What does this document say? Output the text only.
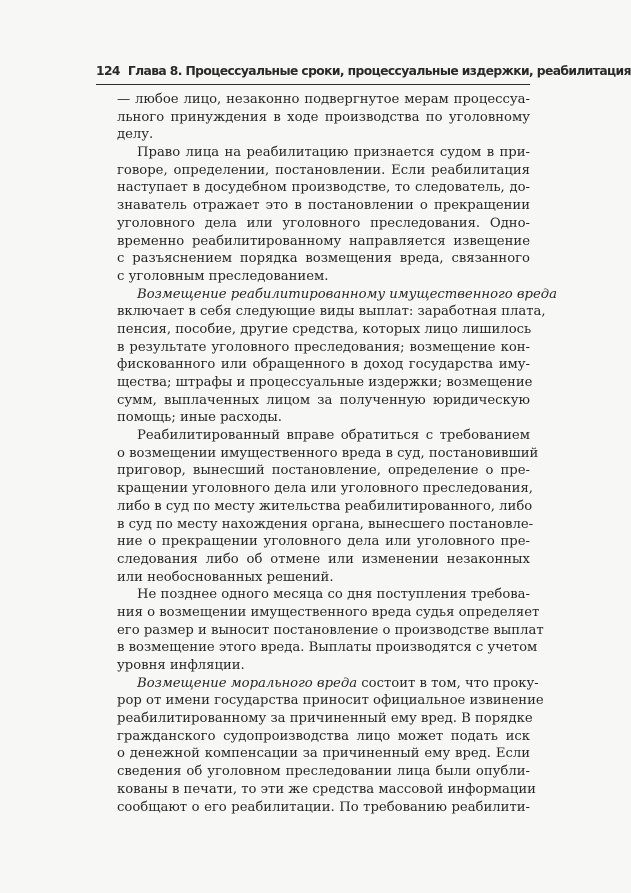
124 Глава 8. Процессуальные сроки, процессуальные издержки, реабилитация
— любое лицо, незаконно подвергнутое мерам процессуа-
льного принуждения в ходе производства по уголовному
делу.
Право лица на реабилитацию признается судом в при-
говоре, определении, постановлении. Если реабилитация
наступает в досудебном производстве, то следователь, до-
знаватель отражает это в постановлении о прекращении
уголовного дела или уголовного преследования. Одно-
временно реабилитированному направляется извещение
с разъяснением порядка возмещения вреда, связанного
с уголовным преследованием.
Возмещение реабилитированному имущественного вреда
включает в себя следующие виды выплат: заработная плата,
пенсия, пособие, другие средства, которых лицо лишилось
в результате уголовного преследования; возмещение кон-
фискованного или обращенного в доход государства иму-
щества; штрафы и процессуальные издержки; возмещение
сумм, выплаченных лицом за полученную юридическую
помощь; иные расходы.
Реабилитированный вправе обратиться с требованием
о возмещении имущественного вреда в суд, постановивший
приговор, вынесший постановление, определение о пре-
кращении уголовного дела или уголовного преследования,
либо в суд по месту жительства реабилитированного, либо
в суд по месту нахождения органа, вынесшего постановле-
ние о прекращении уголовного дела или уголовного пре-
следования либо об отмене или изменении незаконных
или необоснованных решений.
Не позднее одного месяца со дня поступления требова-
ния о возмещении имущественного вреда судья определяет
его размер и выносит постановление о производстве выплат
в возмещение этого вреда. Выплаты производятся с учетом
уровня инфляции.
Возмещение морального вреда состоит в том, что проку-
рор от имени государства приносит официальное извинение
реабилитированному за причиненный ему вред. В порядке
гражданского судопроизводства лицо может подать иск
о денежной компенсации за причиненный ему вред. Если
сведения об уголовном преследовании лица были опубли-
кованы в печати, то эти же средства массовой информации
сообщают о его реабилитации. По требованию реабилити-
